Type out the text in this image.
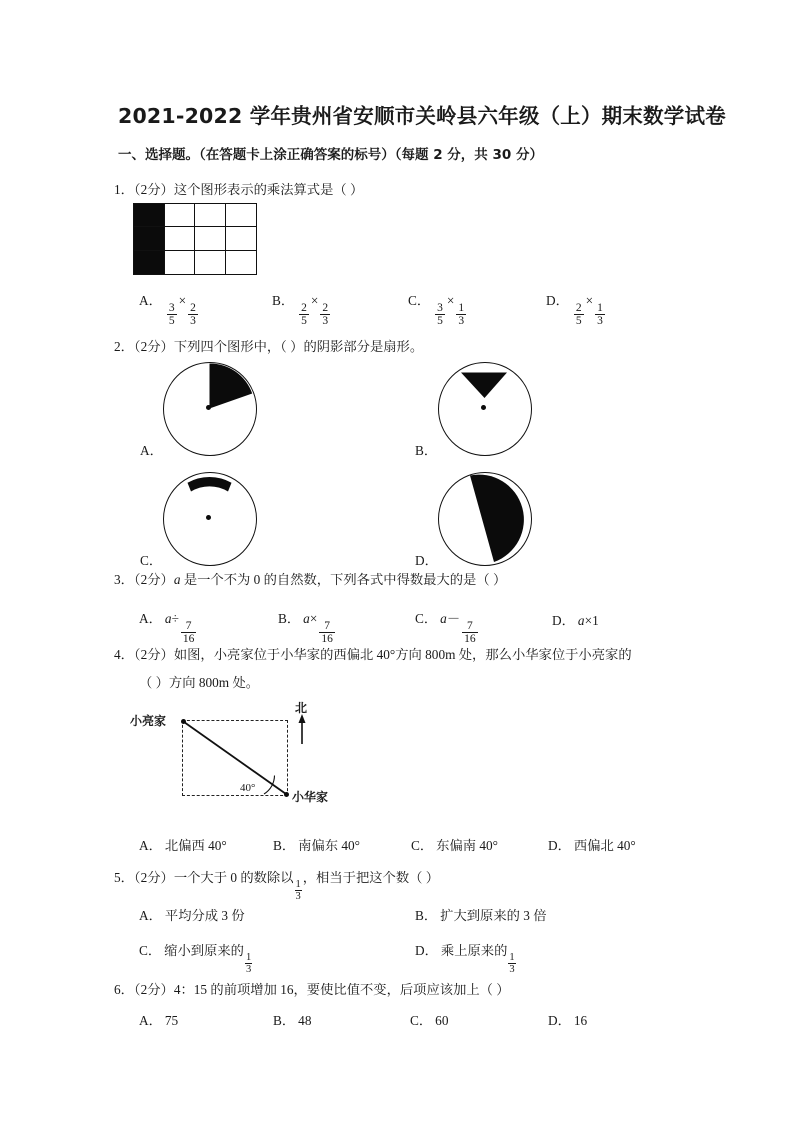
2021-2022 学年贵州省安顺市关岭县六年级（上）期末数学试卷
一、选择题。（在答题卡上涂正确答案的标号）（每题 2 分，共 30 分）
1．（2分）这个图形表示的乘法算式是（ ）
A．
$\frac{3}{5}$
×
$\frac{2}{3}$
B．
$\frac{2}{5}$
×
$\frac{2}{3}$
C．
$\frac{3}{5}$
×
$\frac{1}{3}$
D．
$\frac{2}{5}$
×
$\frac{1}{3}$
2．（2分）下列四个图形中，（ ）的阴影部分是扇形。
A．	B．
C．	D．
3．（2分）a 是一个不为 0 的自然数，下列各式中得数最大的是（ ）
A． a÷
$\frac{7}{16}$
B． a×
$\frac{7}{16}$
C． a－
$\frac{7}{16}$	D． a×1
4．（2分）如图，小亮家位于小华家的西偏北 40°方向 800m 处，那么小华家位于小亮家的
（ ）方向 800m 处。
小亮家
小华家
北
40°
A． 北偏西 40°	B． 南偏东 40°	C． 东偏南 40°	D． 西偏北 40°
5．（2分）一个大于 0 的数除以
$\frac{1}{3}$
，相当于把这个数（ ）
A． 平均分成 3 份	B． 扩大到原来的 3 倍
C． 缩小到原来的
$\frac{1}{3}$
D． 乘上原来的
$\frac{1}{3}$
6．（2分）4：15 的前项增加 16，要使比值不变，后项应该加上（ ）
A． 75	B． 48	C． 60	D． 16
